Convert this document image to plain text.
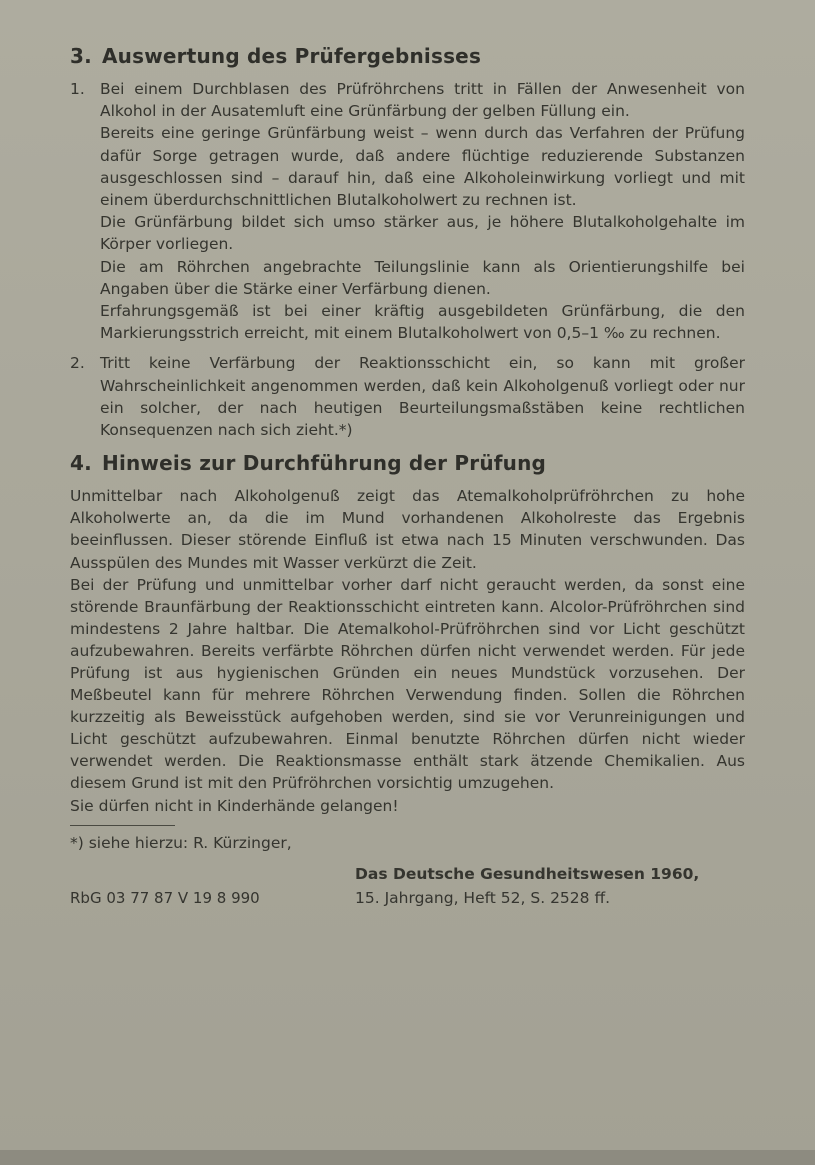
3. Auswertung des Prüfergebnisses
1. Bei einem Durchblasen des Prüfröhrchens tritt in Fällen der Anwesenheit von Alkohol in der Ausatemluft eine Grünfärbung der gelben Füllung ein.

Bereits eine geringe Grünfärbung weist – wenn durch das Verfahren der Prüfung dafür Sorge getragen wurde, daß andere flüchtige reduzierende Substanzen ausgeschlossen sind – darauf hin, daß eine Alkoholeinwirkung vorliegt und mit einem überdurchschnittlichen Blutalkoholwert zu rechnen ist.

Die Grünfärbung bildet sich umso stärker aus, je höhere Blutalkoholgehalte im Körper vorliegen.

Die am Röhrchen angebrachte Teilungslinie kann als Orientierungshilfe bei Angaben über die Stärke einer Verfärbung dienen.

Erfahrungsgemäß ist bei einer kräftig ausgebildeten Grünfärbung, die den Markierungsstrich erreicht, mit einem Blutalkoholwert von 0,5–1 ‰ zu rechnen.

2. Tritt keine Verfärbung der Reaktionsschicht ein, so kann mit großer Wahrscheinlichkeit angenommen werden, daß kein Alkoholgenuß vorliegt oder nur ein solcher, der nach heutigen Beurteilungsmaßstäben keine rechtlichen Konsequenzen nach sich zieht.*)

4. Hinweis zur Durchführung der Prüfung

Unmittelbar nach Alkoholgenuß zeigt das Atemalkoholprüfröhrchen zu hohe Alkoholwerte an, da die im Mund vorhandenen Alkoholreste das Ergebnis beeinflussen. Dieser störende Einfluß ist etwa nach 15 Minuten verschwunden. Das Ausspülen des Mundes mit Wasser verkürzt die Zeit.

Bei der Prüfung und unmittelbar vorher darf nicht geraucht werden, da sonst eine störende Braunfärbung der Reaktionsschicht eintreten kann. Alcolor-Prüfröhrchen sind mindestens 2 Jahre haltbar. Die Atemalkohol-Prüfröhrchen sind vor Licht geschützt aufzubewahren. Bereits verfärbte Röhrchen dürfen nicht verwendet werden. Für jede Prüfung ist aus hygienischen Gründen ein neues Mundstück vorzusehen. Der Meßbeutel kann für mehrere Röhrchen Verwendung finden. Sollen die Röhrchen kurzzeitig als Beweisstück aufgehoben werden, sind sie vor Verunreinigungen und Licht geschützt aufzubewahren. Einmal benutzte Röhrchen dürfen nicht wieder verwendet werden. Die Reaktionsmasse enthält stark ätzende Chemikalien. Aus diesem Grund ist mit den Prüfröhrchen vorsichtig umzugehen.

Sie dürfen nicht in Kinderhände gelangen!

*) siehe hierzu: R. Kürzinger,
Das Deutsche Gesundheitswesen 1960,
15. Jahrgang, Heft 52, S. 2528 ff.
RbG 03 77 87 V 19 8 990
